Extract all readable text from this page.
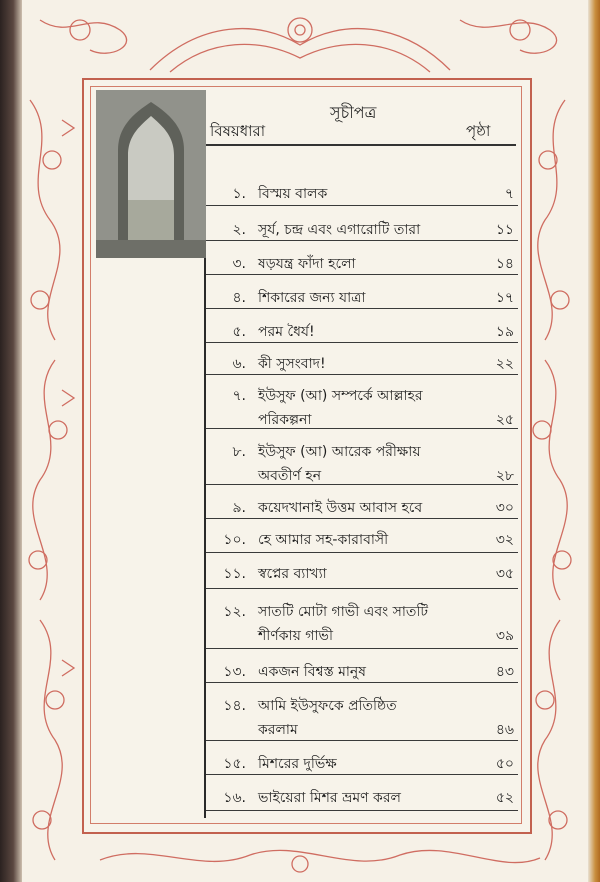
সূচীপত্র
বিষয়ধারা	পৃষ্ঠা
১. বিস্ময় বালক	৭
২. সূর্য, চন্দ্র এবং এগারোটি তারা	১১
৩. ষড়যন্ত্র ফাঁদা হলো	১৪
৪. শিকারের জন্য যাত্রা	১৭
৫. পরম ধৈর্য!	১৯
৬. কী সুসংবাদ!	২২
৭. ইউসুফ (আ) সম্পর্কে আল্লাহর
পরিকল্পনা	২৫
৮. ইউসুফ (আ) আরেক পরীক্ষায়
অবতীর্ণ হন	২৮
৯. কয়েদখানাই উত্তম আবাস হবে	৩০
১০. হে আমার সহ-কারাবাসী	৩২
১১. স্বপ্নের ব্যাখ্যা	৩৫
১২. সাতটি মোটা গাভী এবং সাতটি
শীর্ণকায় গাভী	৩৯
১৩. একজন বিশ্বস্ত মানুষ	৪৩
১৪. আমি ইউসুফকে প্রতিষ্ঠিত
করলাম	৪৬
১৫. মিশরের দুর্ভিক্ষ	৫০
১৬. ভাইয়েরা মিশর ভ্রমণ করল	৫২
